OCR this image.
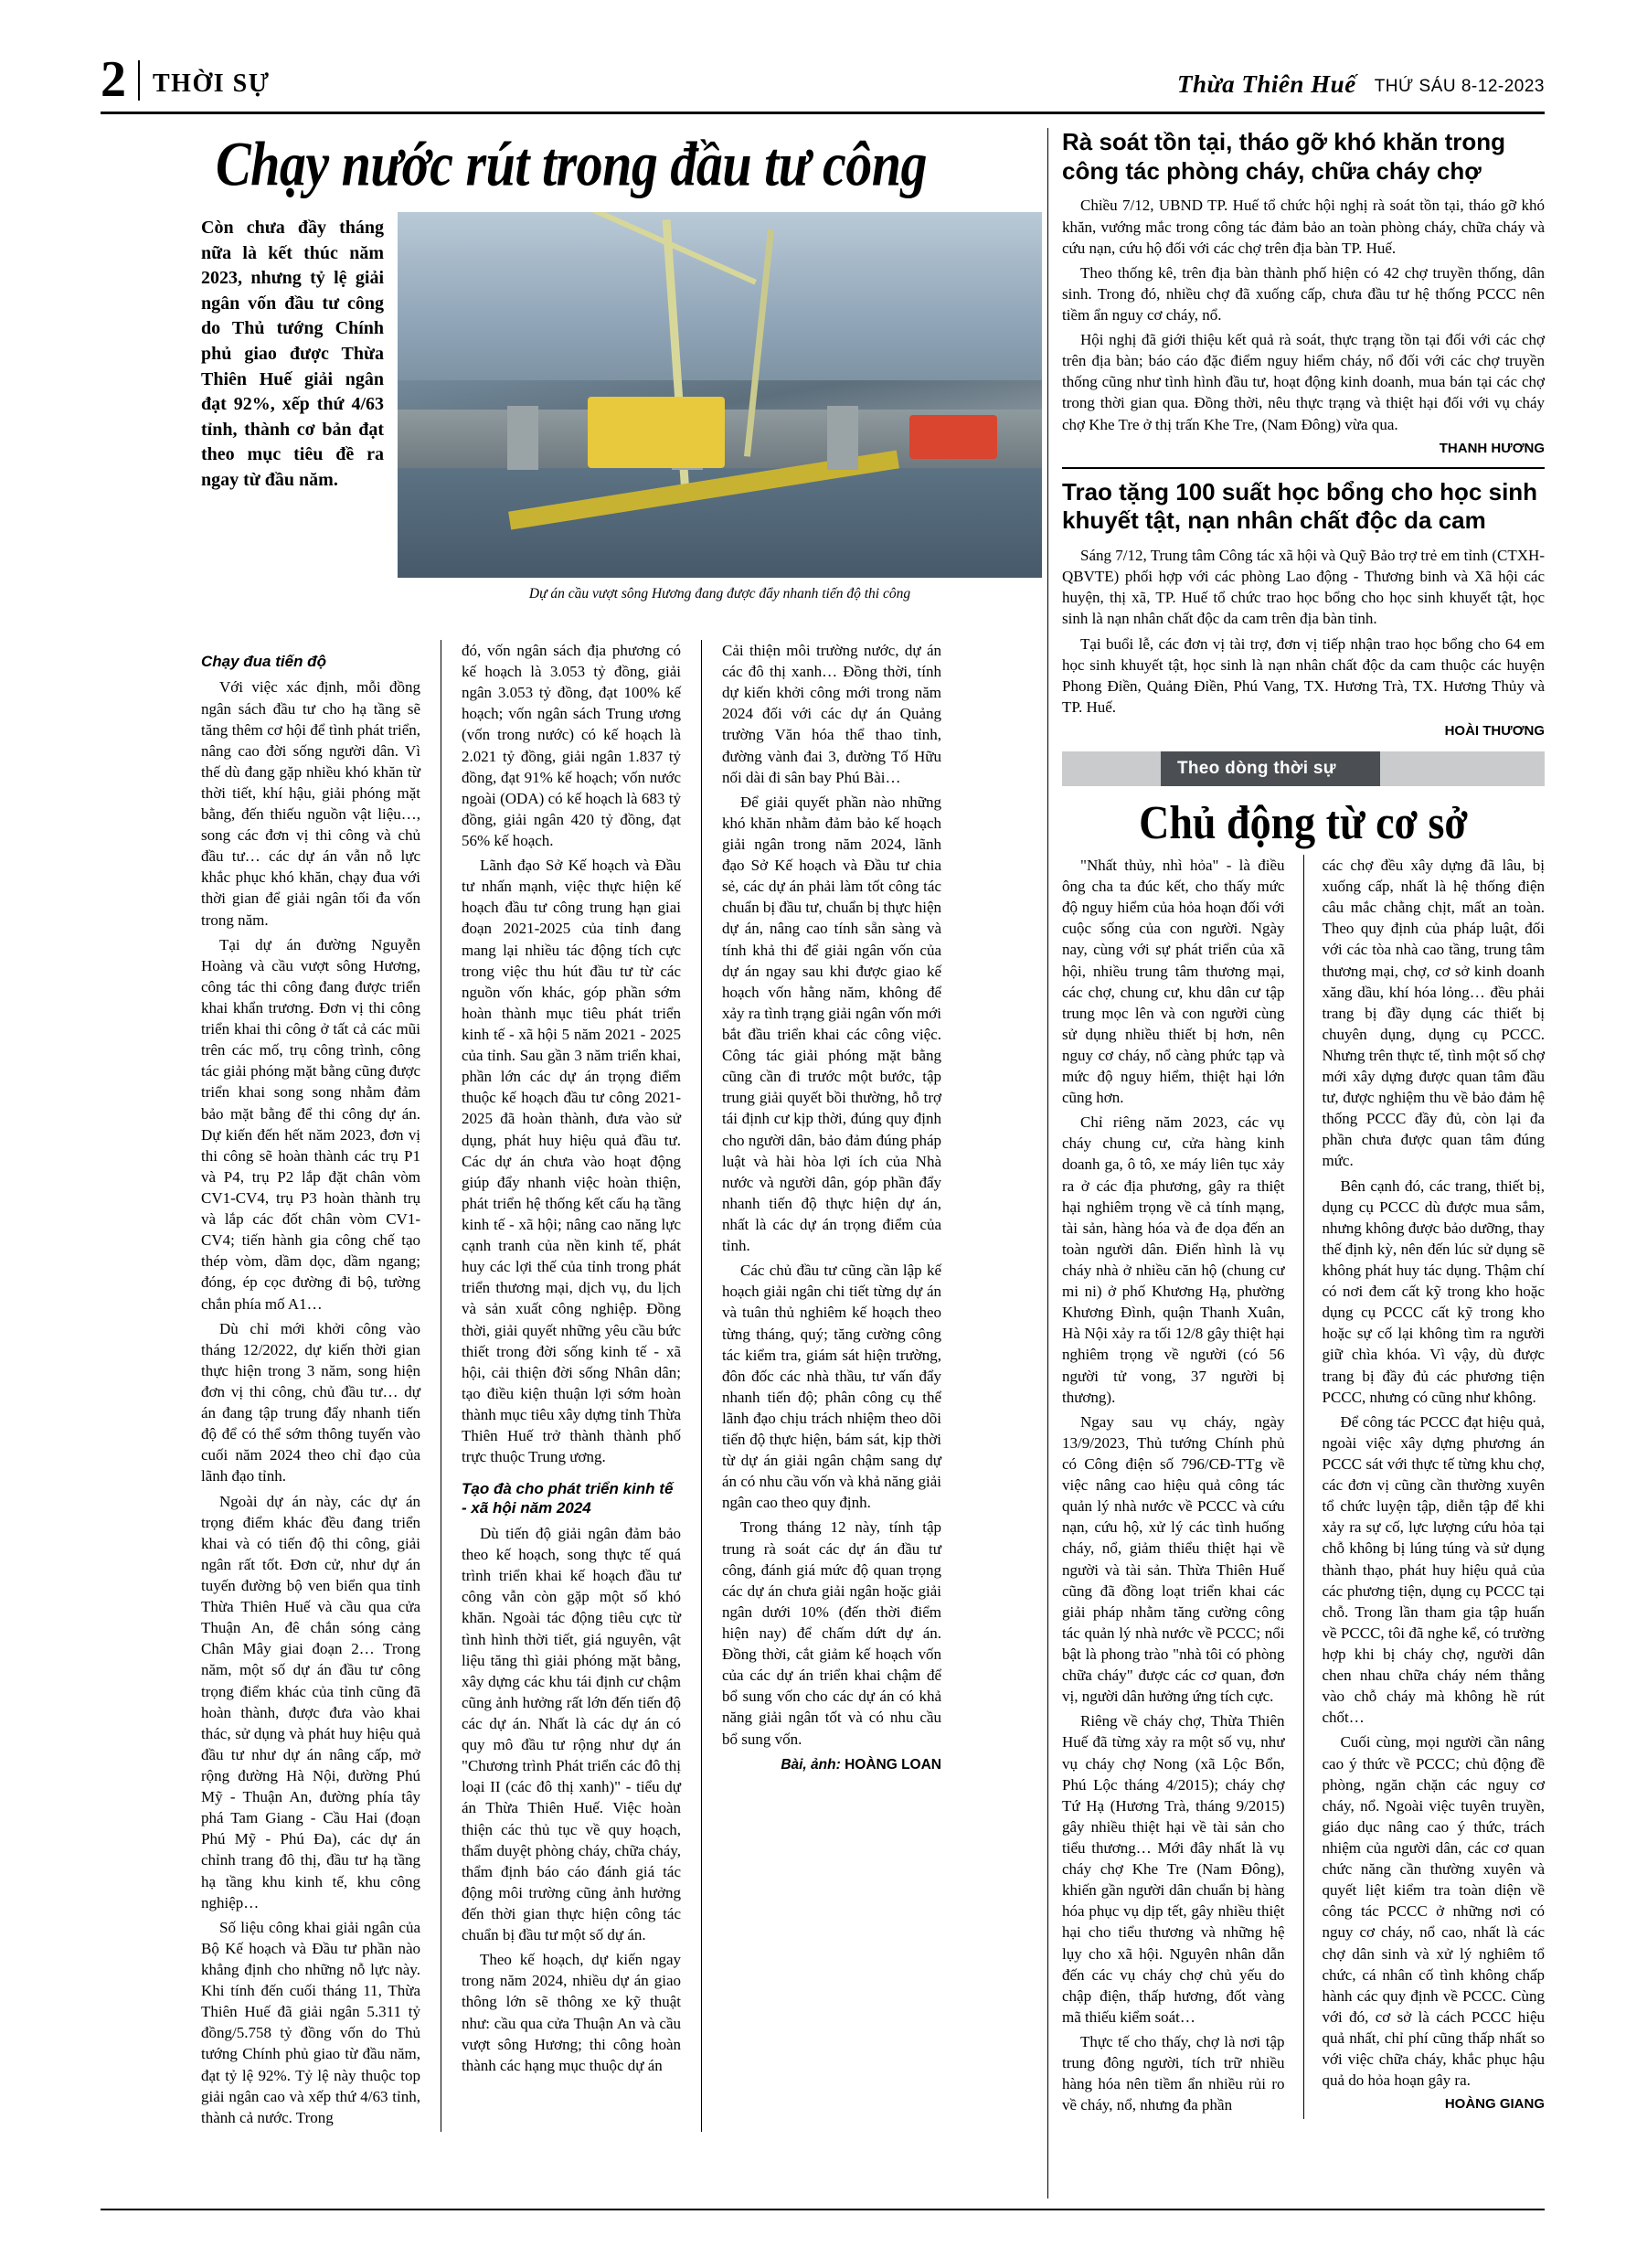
2 THỜI SỰ	Thừa Thiên Huế THỨ SÁU 8-12-2023
Chạy nước rút trong đầu tư công
Còn chưa đầy tháng nữa là kết thúc năm 2023, nhưng tỷ lệ giải ngân vốn đầu tư công do Thủ tướng Chính phủ giao được Thừa Thiên Huế giải ngân đạt 92%, xếp thứ 4/63 tỉnh, thành cơ bản đạt theo mục tiêu đề ra ngay từ đầu năm.
Dự án cầu vượt sông Hương đang được đẩy nhanh tiến độ thi công
Chạy đua tiến độ

Với việc xác định, mỗi đồng ngân sách đầu tư cho hạ tầng sẽ tăng thêm cơ hội để tình phát triển, nâng cao đời sống người dân. Vì thế dù đang gặp nhiều khó khăn từ thời tiết, khí hậu, giải phóng mặt bằng, đến thiếu nguồn vật liệu…, song các đơn vị thi công và chủ đầu tư… các dự án vẫn nỗ lực khắc phục khó khăn, chạy đua với thời gian để giải ngân tối đa vốn trong năm.

Tại dự án đường Nguyễn Hoàng và cầu vượt sông Hương, công tác thi công đang được triển khai khẩn trương. Đơn vị thi công triển khai thi công ở tất cả các mũi trên các mố, trụ công trình, công tác giải phóng mặt bằng cũng được triển khai song song nhằm đảm bảo mặt bằng để thi công dự án. Dự kiến đến hết năm 2023, đơn vị thi công sẽ hoàn thành các trụ P1 và P4, trụ P2 lắp đặt chân vòm CV1-CV4, trụ P3 hoàn thành trụ và lắp các đốt chân vòm CV1-CV4; tiến hành gia công chế tạo thép vòm, dầm dọc, dầm ngang; đóng, ép cọc đường đi bộ, tường chắn phía mố A1…

Dù chỉ mới khởi công vào tháng 12/2022, dự kiến thời gian thực hiện trong 3 năm, song hiện đơn vị thi công, chủ đầu tư… dự án đang tập trung đẩy nhanh tiến độ để có thể sớm thông tuyến vào cuối năm 2024 theo chỉ đạo của lãnh đạo tỉnh.

Ngoài dự án này, các dự án trọng điểm khác đều đang triển khai và có tiến độ thi công, giải ngân rất tốt. Đơn cử, như dự án tuyến đường bộ ven biển qua tỉnh Thừa Thiên Huế và cầu qua cửa Thuận An, đê chắn sóng cảng Chân Mây giai đoạn 2… Trong năm, một số dự án đầu tư công trọng điểm khác của tỉnh cũng đã hoàn thành, được đưa vào khai thác, sử dụng và phát huy hiệu quả đầu tư như dự án nâng cấp, mở rộng đường Hà Nội, đường Phú Mỹ - Thuận An, đường phía tây phá Tam Giang - Cầu Hai (đoạn Phú Mỹ - Phú Đa), các dự án chỉnh trang đô thị, đầu tư hạ tầng hạ tầng khu kinh tế, khu công nghiệp…

Số liệu công khai giải ngân của Bộ Kế hoạch và Đầu tư phần nào khẳng định cho những nỗ lực này. Khi tính đến cuối tháng 11, Thừa Thiên Huế đã giải ngân 5.311 tỷ đồng/5.758 tỷ đồng vốn do Thủ tướng Chính phủ giao từ đầu năm, đạt tỷ lệ 92%. Tỷ lệ này thuộc top giải ngân cao và xếp thứ 4/63 tỉnh, thành cả nước. Trong

đó, vốn ngân sách địa phương có kế hoạch là 3.053 tỷ đồng, giải ngân 3.053 tỷ đồng, đạt 100% kế hoạch; vốn ngân sách Trung ương (vốn trong nước) có kế hoạch là 2.021 tỷ đồng, giải ngân 1.837 tỷ đồng, đạt 91% kế hoạch; vốn nước ngoài (ODA) có kế hoạch là 683 tỷ đồng, giải ngân 420 tỷ đồng, đạt 56% kế hoạch.

Lãnh đạo Sở Kế hoạch và Đầu tư nhấn mạnh, việc thực hiện kế hoạch đầu tư công trung hạn giai đoạn 2021-2025 của tỉnh đang mang lại nhiều tác động tích cực trong việc thu hút đầu tư từ các nguồn vốn khác, góp phần sớm hoàn thành mục tiêu phát triển kinh tế - xã hội 5 năm 2021 - 2025 của tỉnh. Sau gần 3 năm triển khai, phần lớn các dự án trọng điểm thuộc kế hoạch đầu tư công 2021-2025 đã hoàn thành, đưa vào sử dụng, phát huy hiệu quả đầu tư. Các dự án chưa vào hoạt động giúp đẩy nhanh việc hoàn thiện, phát triển hệ thống kết cấu hạ tầng kinh tế - xã hội; nâng cao năng lực cạnh tranh của nền kinh tế, phát huy các lợi thế của tỉnh trong phát triển thương mại, dịch vụ, du lịch và sản xuất công nghiệp. Đồng thời, giải quyết những yêu cầu bức thiết trong đời sống kinh tế - xã hội, cải thiện đời sống Nhân dân; tạo điều kiện thuận lợi sớm hoàn thành mục tiêu xây dựng tỉnh Thừa Thiên Huế trở thành thành phố trực thuộc Trung ương.

Tạo đà cho phát triển kinh tế - xã hội năm 2024

Dù tiến độ giải ngân đảm bảo theo kế hoạch, song thực tế quá trình triển khai kế hoạch đầu tư công vẫn còn gặp một số khó khăn. Ngoài tác động tiêu cực từ tình hình thời tiết, giá nguyên, vật liệu tăng thì giải phóng mặt bằng, xây dựng các khu tái định cư chậm cũng ảnh hưởng rất lớn đến tiến độ các dự án. Nhất là các dự án có quy mô đầu tư rộng như dự án "Chương trình Phát triển các đô thị loại II (các đô thị xanh)" - tiểu dự án Thừa Thiên Huế. Việc hoàn thiện các thủ tục về quy hoạch, thẩm duyệt phòng cháy, chữa cháy, thẩm định báo cáo đánh giá tác động môi trường cũng ảnh hưởng đến thời gian thực hiện công tác chuẩn bị đầu tư một số dự án.

Theo kế hoạch, dự kiến ngay trong năm 2024, nhiều dự án giao thông lớn sẽ thông xe kỹ thuật như: cầu qua cửa Thuận An và cầu vượt sông Hương; thi công hoàn thành các hạng mục thuộc dự án

Cải thiện môi trường nước, dự án các đô thị xanh… Đồng thời, tính dự kiến khởi công mới trong năm 2024 đối với các dự án Quảng trường Văn hóa thể thao tỉnh, đường vành đai 3, đường Tố Hữu nối dài đi sân bay Phú Bài…

Để giải quyết phần nào những khó khăn nhằm đảm bảo kế hoạch giải ngân trong năm 2024, lãnh đạo Sở Kế hoạch và Đầu tư chia sẻ, các dự án phải làm tốt công tác chuẩn bị đầu tư, chuẩn bị thực hiện dự án, nâng cao tính sẵn sàng và tính khả thi để giải ngân vốn của dự án ngay sau khi được giao kế hoạch vốn hằng năm, không để xảy ra tình trạng giải ngân vốn mới bắt đầu triển khai các công việc. Công tác giải phóng mặt bằng cũng cần đi trước một bước, tập trung giải quyết bồi thường, hỗ trợ tái định cư kịp thời, đúng quy định cho người dân, bảo đảm đúng pháp luật và hài hòa lợi ích của Nhà nước và người dân, góp phần đẩy nhanh tiến độ thực hiện dự án, nhất là các dự án trọng điểm của tỉnh.

Các chủ đầu tư cũng cần lập kế hoạch giải ngân chi tiết từng dự án và tuân thủ nghiêm kế hoạch theo từng tháng, quý; tăng cường công tác kiểm tra, giám sát hiện trường, đôn đốc các nhà thầu, tư vấn đẩy nhanh tiến độ; phân công cụ thể lãnh đạo chịu trách nhiệm theo dõi tiến độ thực hiện, bám sát, kịp thời từ dự án giải ngân chậm sang dự án có nhu cầu vốn và khả năng giải ngân cao theo quy định.

Trong tháng 12 này, tính tập trung rà soát các dự án đầu tư công, đánh giá mức độ quan trọng các dự án chưa giải ngân hoặc giải ngân dưới 10% (đến thời điểm hiện nay) để chấm dứt dự án. Đồng thời, cắt giảm kế hoạch vốn của các dự án triển khai chậm để bổ sung vốn cho các dự án có khả năng giải ngân tốt và có nhu cầu bổ sung vốn.

Bài, ảnh: HOÀNG LOAN
Rà soát tồn tại, tháo gỡ khó khăn trong công tác phòng cháy, chữa cháy chợ

Chiều 7/12, UBND TP. Huế tổ chức hội nghị rà soát tồn tại, tháo gỡ khó khăn, vướng mắc trong công tác đảm bảo an toàn phòng cháy, chữa cháy và cứu nạn, cứu hộ đối với các chợ trên địa bàn TP. Huế.

Theo thống kê, trên địa bàn thành phố hiện có 42 chợ truyền thống, dân sinh. Trong đó, nhiều chợ đã xuống cấp, chưa đầu tư hệ thống PCCC nên tiềm ẩn nguy cơ cháy, nổ.

Hội nghị đã giới thiệu kết quả rà soát, thực trạng tồn tại đối với các chợ trên địa bàn; báo cáo đặc điểm nguy hiểm cháy, nổ đối với các chợ truyền thống cũng như tình hình đầu tư, hoạt động kinh doanh, mua bán tại các chợ trong thời gian qua. Đồng thời, nêu thực trạng và thiệt hại đối với vụ cháy chợ Khe Tre ở thị trấn Khe Tre, (Nam Đông) vừa qua.

THANH HƯƠNG
Trao tặng 100 suất học bổng cho học sinh khuyết tật, nạn nhân chất độc da cam

Sáng 7/12, Trung tâm Công tác xã hội và Quỹ Bảo trợ trẻ em tỉnh (CTXH-QBVTE) phối hợp với các phòng Lao động - Thương binh và Xã hội các huyện, thị xã, TP. Huế tổ chức trao học bổng cho học sinh khuyết tật, học sinh là nạn nhân chất độc da cam trên địa bàn tỉnh.

Tại buổi lễ, các đơn vị tài trợ, đơn vị tiếp nhận trao học bổng cho 64 em học sinh khuyết tật, học sinh là nạn nhân chất độc da cam thuộc các huyện Phong Điền, Quảng Điền, Phú Vang, TX. Hương Trà, TX. Hương Thủy và TP. Huế.

HOÀI THƯƠNG
Theo dòng thời sự
Chủ động từ cơ sở

"Nhất thủy, nhì hỏa" - là điều ông cha ta đúc kết, cho thấy mức độ nguy hiểm của hỏa hoạn đối với cuộc sống của con người. Ngày nay, cùng với sự phát triển của xã hội, nhiều trung tâm thương mại, các chợ, chung cư, khu dân cư tập trung mọc lên và con người cùng sử dụng nhiều thiết bị hơn, nên nguy cơ cháy, nổ càng phức tạp và mức độ nguy hiểm, thiệt hại lớn cũng hơn.

Chỉ riêng năm 2023, các vụ cháy chung cư, cửa hàng kinh doanh ga, ô tô, xe máy liên tục xảy ra ở các địa phương, gây ra thiệt hại nghiêm trọng về cả tính mạng, tài sản, hàng hóa và đe dọa đến an toàn người dân. Điển hình là vụ cháy nhà ở nhiều căn hộ (chung cư mi ni) ở phố Khương Hạ, phường Khương Đình, quận Thanh Xuân, Hà Nội xảy ra tối 12/8 gây thiệt hại nghiêm trọng về người (có 56 người tử vong, 37 người bị thương).

Ngay sau vụ cháy, ngày 13/9/2023, Thủ tướng Chính phủ có Công điện số 796/CĐ-TTg về việc nâng cao hiệu quả công tác quản lý nhà nước về PCCC và cứu nạn, cứu hộ, xử lý các tình huống cháy, nổ, giảm thiểu thiệt hại về người và tài sản. Thừa Thiên Huế cũng đã đồng loạt triển khai các giải pháp nhằm tăng cường công tác quản lý nhà nước về PCCC; nổi bật là phong trào "nhà tôi có phòng chữa cháy" được các cơ quan, đơn vị, người dân hưởng ứng tích cực.

Riêng về cháy chợ, Thừa Thiên Huế đã từng xảy ra một số vụ, như vụ cháy chợ Nong (xã Lộc Bổn, Phú Lộc tháng 4/2015); cháy chợ Tứ Hạ (Hương Trà, tháng 9/2015) gây nhiều thiệt hại về tài sản cho tiểu thương… Mới đây nhất là vụ cháy chợ Khe Tre (Nam Đông), khiến gần người dân chuẩn bị hàng hóa phục vụ dịp tết, gây nhiều thiệt hại cho tiểu thương và những hệ lụy cho xã hội. Nguyên nhân dẫn đến các vụ cháy chợ chủ yếu do chập điện, thấp hương, đốt vàng mã thiếu kiểm soát…

Thực tế cho thấy, chợ là nơi tập trung đông người, tích trữ nhiều hàng hóa nên tiềm ẩn nhiều rủi ro về cháy, nổ, nhưng đa phần

các chợ đều xây dựng đã lâu, bị xuống cấp, nhất là hệ thống điện câu mắc chằng chịt, mất an toàn. Theo quy định của pháp luật, đối với các tòa nhà cao tầng, trung tâm thương mại, chợ, cơ sở kinh doanh xăng dầu, khí hóa lỏng… đều phải trang bị đầy dụng các thiết bị chuyên dụng, dụng cụ PCCC. Nhưng trên thực tế, tình một số chợ mới xây dựng được quan tâm đầu tư, được nghiệm thu về bảo đảm hệ thống PCCC đầy đủ, còn lại đa phần chưa được quan tâm đúng mức.

Bên cạnh đó, các trang, thiết bị, dụng cụ PCCC dù được mua sắm, nhưng không được bảo dưỡng, thay thế định kỳ, nên đến lúc sử dụng sẽ không phát huy tác dụng. Thậm chí có nơi đem cất kỹ trong kho hoặc dụng cụ PCCC cất kỹ trong kho hoặc sự cố lại không tìm ra người giữ chìa khóa. Vì vậy, dù được trang bị đầy đủ các phương tiện PCCC, nhưng có cũng như không.

Để công tác PCCC đạt hiệu quả, ngoài việc xây dựng phương án PCCC sát với thực tế từng khu chợ, các đơn vị cũng cần thường xuyên tổ chức luyện tập, diễn tập để khi xảy ra sự cố, lực lượng cứu hỏa tại chỗ không bị lúng túng và sử dụng thành thạo, phát huy hiệu quả của các phương tiện, dụng cụ PCCC tại chỗ. Trong lần tham gia tập huấn về PCCC, tôi đã nghe kể, có trường hợp khi bị cháy chợ, người dân chen nhau chữa cháy ném thẳng vào chỗ cháy mà không hề rút chốt…

Cuối cùng, mọi người cần nâng cao ý thức về PCCC; chủ động đề phòng, ngăn chặn các nguy cơ cháy, nổ. Ngoài việc tuyên truyền, giáo dục nâng cao ý thức, trách nhiệm của người dân, các cơ quan chức năng cần thường xuyên và quyết liệt kiểm tra toàn diện về công tác PCCC ở những nơi có nguy cơ cháy, nổ cao, nhất là các chợ dân sinh và xử lý nghiêm tổ chức, cá nhân cố tình không chấp hành các quy định về PCCC. Cùng với đó, cơ sở là cách PCCC hiệu quả nhất, chỉ phí cũng thấp nhất so với việc chữa cháy, khắc phục hậu quả do hỏa hoạn gây ra.

HOÀNG GIANG
